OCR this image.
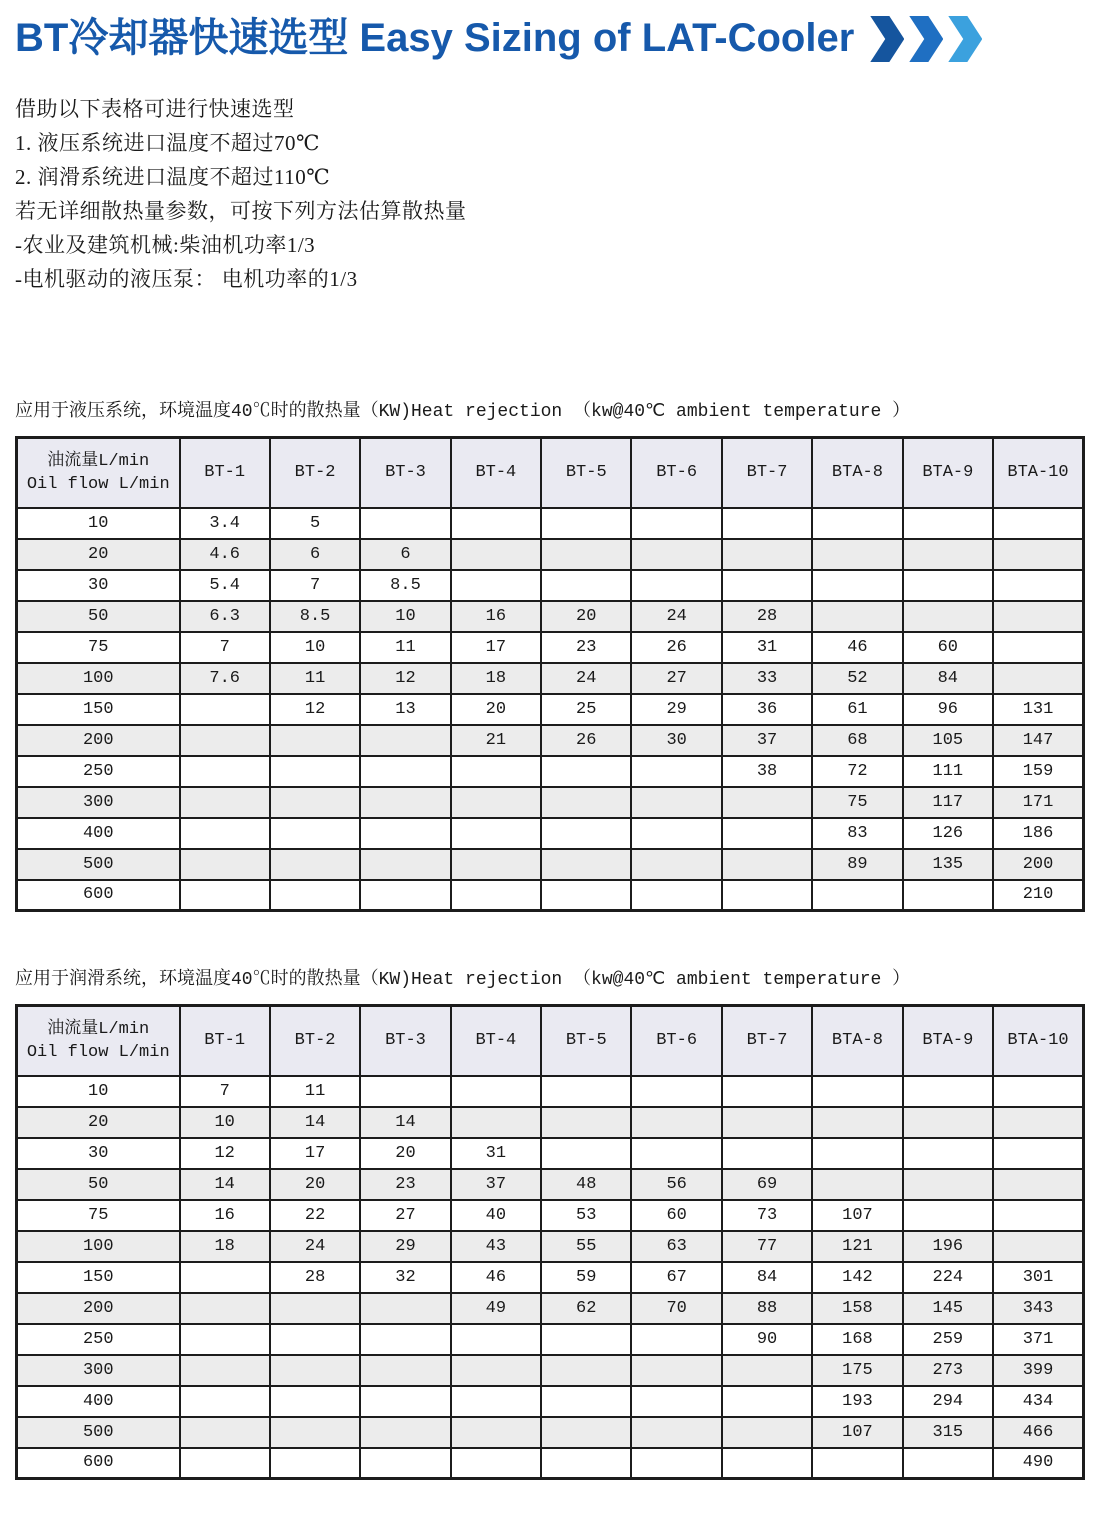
BT冷却器快速选型 Easy Sizing of LAT-Cooler
借助以下表格可进行快速选型
1. 液压系统进口温度不超过70℃
2. 润滑系统进口温度不超过110℃
若无详细散热量参数，可按下列方法估算散热量
-农业及建筑机械:柴油机功率1/3
-电机驱动的液压泵： 电机功率的1/3
应用于液压系统，环境温度40℃时的散热量（KW)Heat rejection （kw@40℃ ambient temperature ）
油流量L/min
Oil flow L/min	BT-1	BT-2	BT-3	BT-4	BT-5	BT-6	BT-7	BTA-8	BTA-9	BTA-10
10	3.4	5								
20	4.6	6	6							
30	5.4	7	8.5							
50	6.3	8.5	10	16	20	24	28			
75	7	10	11	17	23	26	31	46	60	
100	7.6	11	12	18	24	27	33	52	84	
150		12	13	20	25	29	36	61	96	131
200				21	26	30	37	68	105	147
250							38	72	111	159
300								75	117	171
400								83	126	186
500								89	135	200
600										210
应用于润滑系统，环境温度40℃时的散热量（KW)Heat rejection （kw@40℃ ambient temperature ）
油流量L/min
Oil flow L/min	BT-1	BT-2	BT-3	BT-4	BT-5	BT-6	BT-7	BTA-8	BTA-9	BTA-10
10	7	11								
20	10	14	14							
30	12	17	20	31						
50	14	20	23	37	48	56	69			
75	16	22	27	40	53	60	73	107		
100	18	24	29	43	55	63	77	121	196	
150		28	32	46	59	67	84	142	224	301
200				49	62	70	88	158	145	343
250							90	168	259	371
300								175	273	399
400								193	294	434
500								107	315	466
600										490
